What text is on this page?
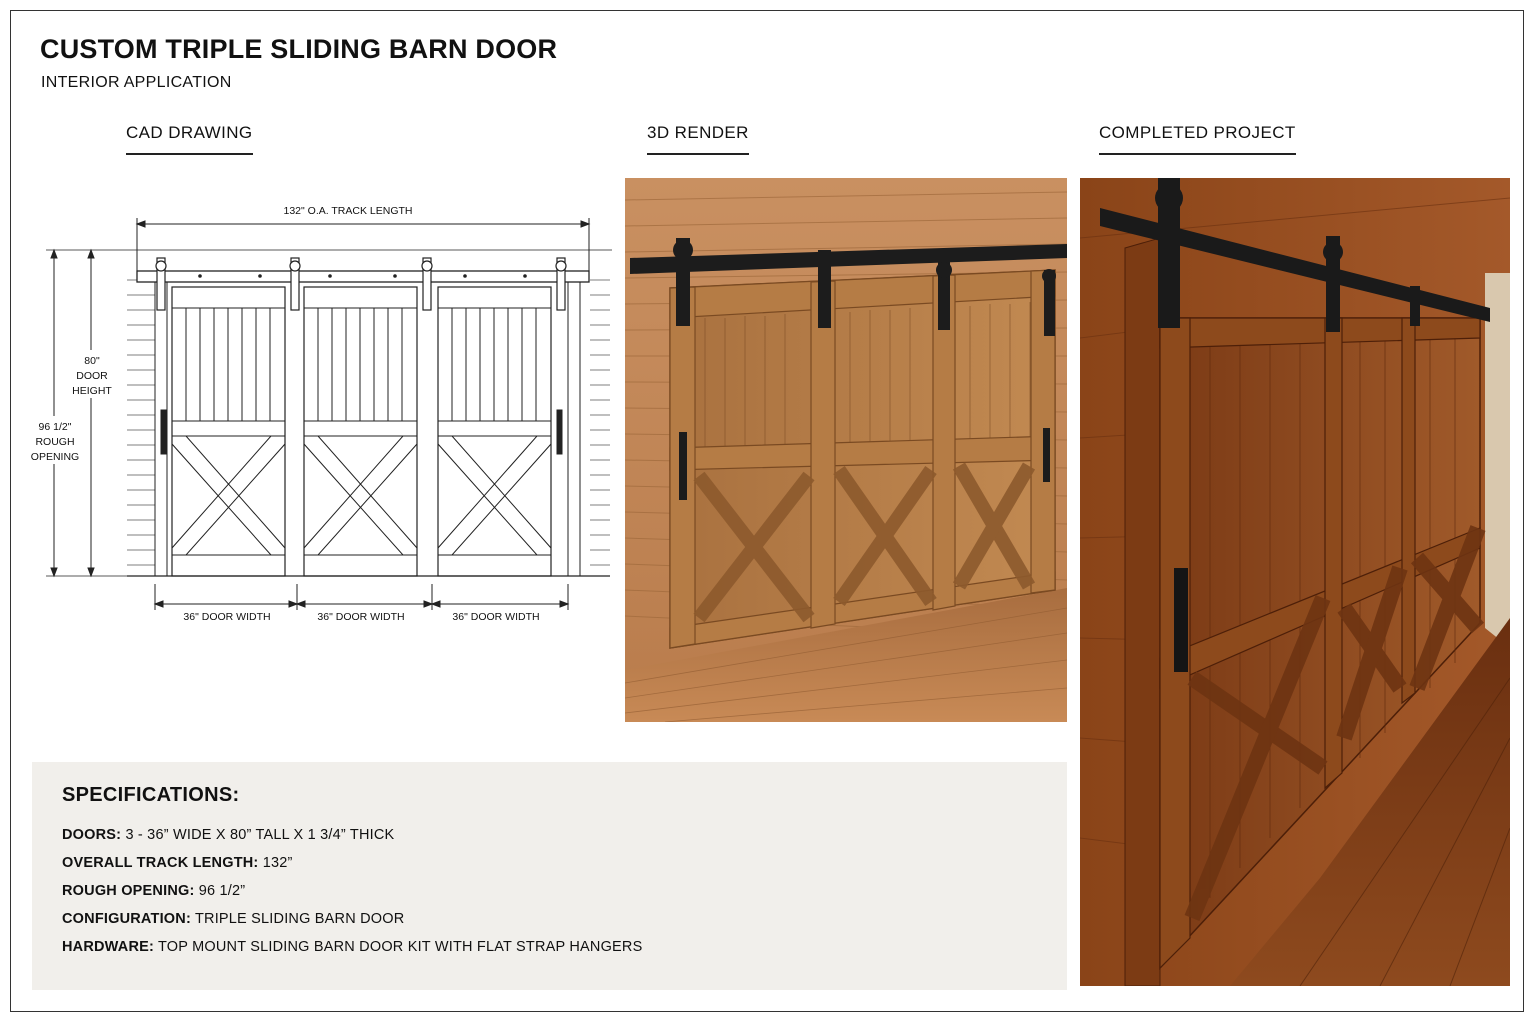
CUSTOM TRIPLE SLIDING BARN DOOR
INTERIOR APPLICATION
CAD DRAWING	3D RENDER	COMPLETED PROJECT
132" O.A. TRACK LENGTH
80"
DOOR
HEIGHT
96 1/2"
ROUGH
OPENING
36" DOOR WIDTH	36" DOOR WIDTH	36" DOOR WIDTH
SPECIFICATIONS:
DOORS: 3 - 36” WIDE X 80” TALL X 1 3/4” THICK
OVERALL TRACK LENGTH: 132”
ROUGH OPENING: 96 1/2”
CONFIGURATION: TRIPLE SLIDING BARN DOOR
HARDWARE: TOP MOUNT SLIDING BARN DOOR KIT WITH FLAT STRAP HANGERS
